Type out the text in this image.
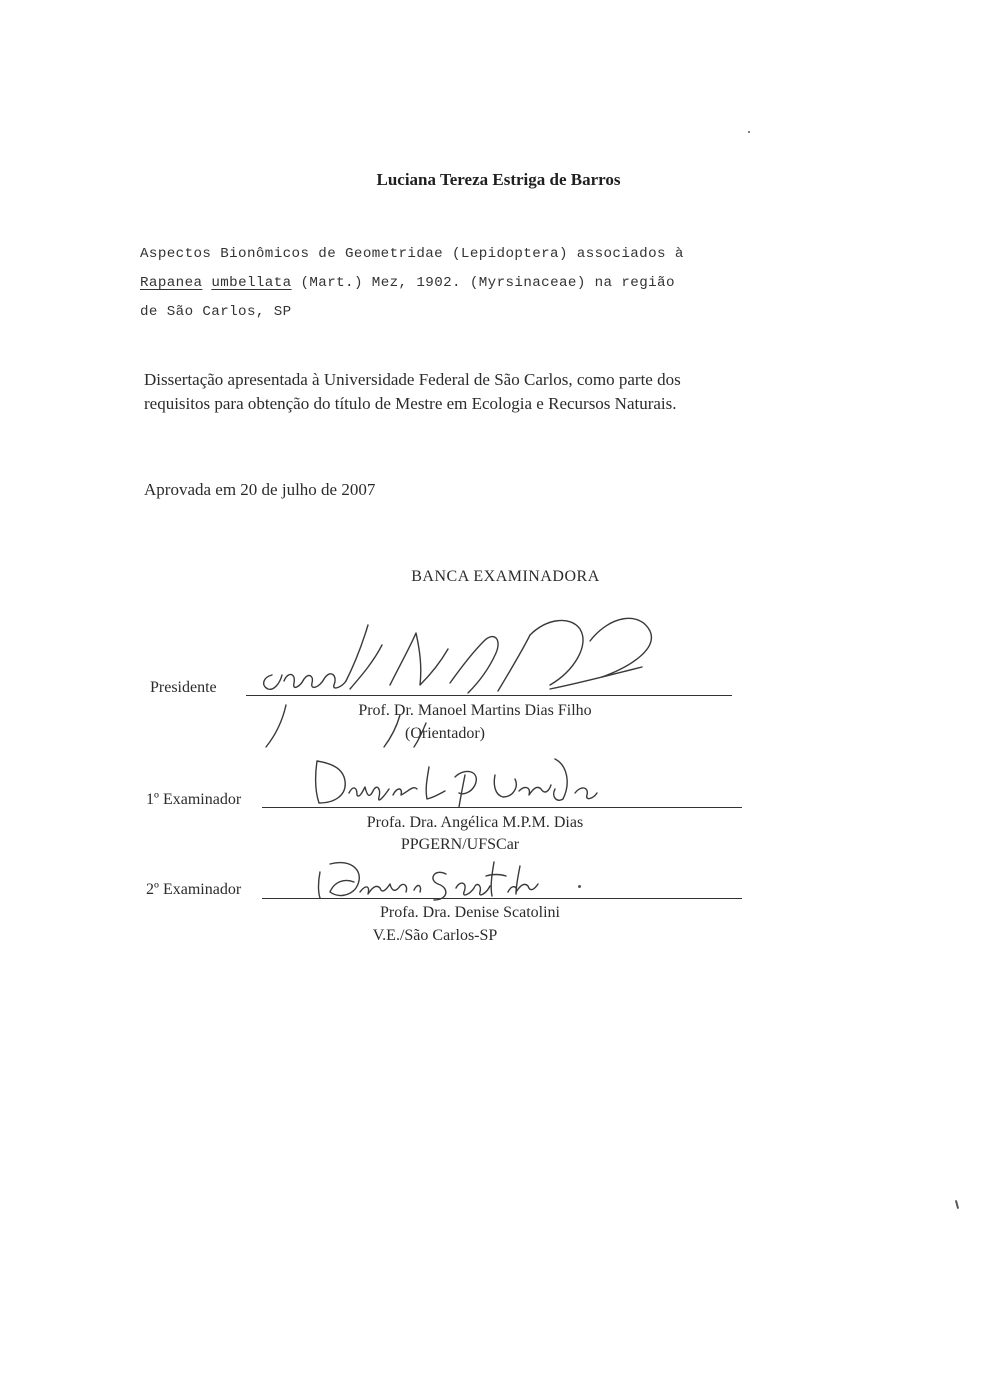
Luciana Tereza Estriga de Barros
Aspectos Bionômicos de Geometridae (Lepidoptera) associados à
Rapanea umbellata (Mart.) Mez, 1902. (Myrsinaceae) na região
de São Carlos, SP
Dissertação apresentada à Universidade Federal de São Carlos, como parte dos
requisitos para obtenção do título de Mestre em Ecologia e Recursos Naturais.
Aprovada em 20 de julho de 2007
BANCA EXAMINADORA
Presidente
Prof. Dr. Manoel Martins Dias Filho
(Orientador)
1º Examinador
Profa. Dra. Angélica M.P.M. Dias
PPGERN/UFSCar
2º Examinador
Profa. Dra. Denise Scatolini
V.E./São Carlos-SP
